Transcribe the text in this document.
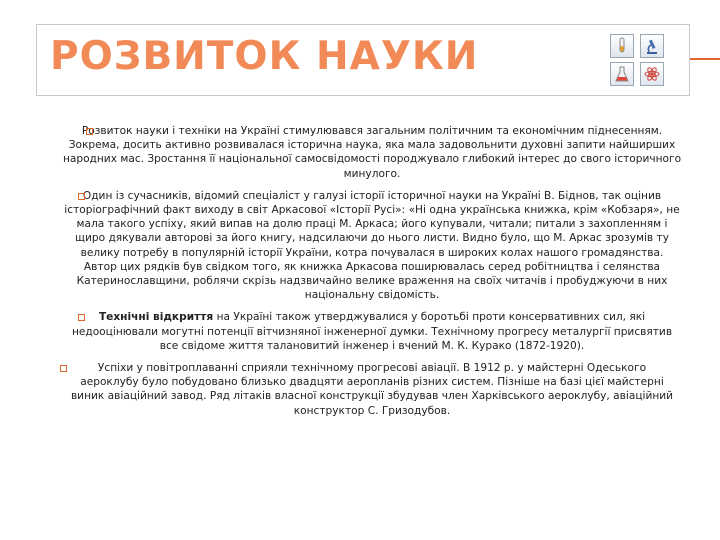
РОЗВИТОК НАУКИ
Розвиток науки і техніки на Україні стимулювався загальним політичним та економічним піднесенням. Зокрема, досить активно розвивалася історична наука, яка мала задовольнити духовні запити найширших народних мас. Зростання її національної самосвідомості породжувало глибокий інтерес до свого історичного минулого.
Один із сучасників, відомий спеціаліст у галузі історії історичної науки на Україні В. Біднов, так оцінив історіографічний факт виходу в світ Аркасової «Історії Русі»: «Ні одна українська книжка, крім «Кобзаря», не мала такого успіху, який випав на долю праці М. Аркаса; його купували, читали; питали з захопленням і щиро дякували авторові за його книгу, надсилаючи до нього листи. Видно було, що М. Аркас зрозумів ту велику потребу в популярній історії України, котра почувалася в широких колах нашого громадянства. Автор цих рядків був свідком того, як книжка Аркасова поширювалась серед робітництва і селянства Катеринославщини, роблячи скрізь надзвичайно велике враження на своїх читачів і пробуджуючи в них національну свідомість.
Технічні відкриття на Україні також утверджувалися у боротьбі проти консервативних сил, які недооцінювали могутні потенції вітчизняної інженерної думки. Технічному прогресу металургії присвятив все свідоме життя талановитий інженер і вчений М. К. Курако (1872-1920).
Успіхи у повітроплаванні сприяли технічному прогресові авіації. В 1912 р. у майстерні Одеського аероклубу було побудовано близько двадцяти аеропланів різних систем. Пізніше на базі цієї майстерні виник авіаційний завод. Ряд літаків власної конструкції збудував член Харківського аероклубу, авіаційний конструктор С. Гризодубов.
